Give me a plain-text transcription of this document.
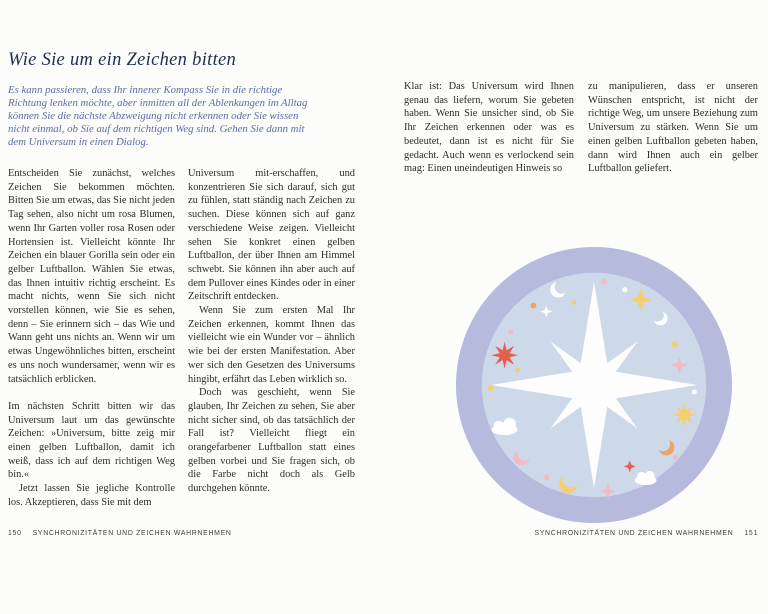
Wie Sie um ein Zeichen bitten

Es kann passieren, dass Ihr innerer Kompass Sie in die richtige Richtung lenken möchte, aber inmitten all der Ablenkungen im Alltag können Sie die nächste Abzweigung nicht erkennen oder Sie wissen nicht einmal, ob Sie auf dem richtigen Weg sind. Gehen Sie dann mit dem Universum in einen Dialog.

Entscheiden Sie zunächst, welches Zeichen Sie bekommen möchten. Bitten Sie um etwas, das Sie nicht jeden Tag sehen, also nicht um rosa Blumen, wenn Ihr Garten voller rosa Rosen oder Hortensien ist. Vielleicht könnte Ihr Zeichen ein blauer Gorilla sein oder ein gelber Luftballon. Wählen Sie etwas, das Ihnen intuitiv richtig erscheint. Es macht nichts, wenn Sie sich nicht vorstellen können, wie Sie es sehen, denn – Sie erinnern sich – das Wie und Wann geht uns nichts an. Wenn wir um etwas Ungewöhnliches bitten, erscheint es uns noch wundersamer, wenn wir es tatsächlich erblicken.

Im nächsten Schritt bitten wir das Universum laut um das gewünschte Zeichen: »Universum, bitte zeig mir einen gelben Luftballon, damit ich weiß, dass ich auf dem richtigen Weg bin.«

Jetzt lassen Sie jegliche Kontrolle los. Akzeptieren, dass Sie mit dem

Universum mit-erschaffen, und konzentrieren Sie sich darauf, sich gut zu fühlen, statt ständig nach Zeichen zu suchen. Diese können sich auf ganz verschiedene Weise zeigen. Vielleicht sehen Sie konkret einen gelben Luftballon, der über Ihnen am Himmel schwebt. Sie können ihn aber auch auf dem Pullover eines Kindes oder in einer Zeitschrift entdecken.

Wenn Sie zum ersten Mal Ihr Zeichen erkennen, kommt Ihnen das vielleicht wie ein Wunder vor – ähnlich wie bei der ersten Manifestation. Aber wer sich den Gesetzen des Universums hingibt, erfährt das Leben wirklich so.

Doch was geschieht, wenn Sie glauben, Ihr Zeichen zu sehen, Sie aber nicht sicher sind, ob das tatsächlich der Fall ist? Vielleicht fliegt ein orangefarbener Luftballon statt eines gelben vorbei und Sie fragen sich, ob die Farbe nicht doch als Gelb durchgehen könnte.

150 SYNCHRONIZITÄTEN UND ZEICHEN WAHRNEHMEN

Klar ist: Das Universum wird Ihnen genau das liefern, worum Sie gebeten haben. Wenn Sie unsicher sind, ob Sie Ihr Zeichen erkennen oder was es bedeutet, dann ist es nicht für Sie gedacht. Auch wenn es verlockend sein mag: Einen uneindeutigen Hinweis so

zu manipulieren, dass er unseren Wünschen entspricht, ist nicht der richtige Weg, um unsere Beziehung zum Universum zu stärken. Wenn Sie um einen gelben Luftballon gebeten haben, dann wird Ihnen auch ein gelber Luftballon geliefert.

SYNCHRONIZITÄTEN UND ZEICHEN WAHRNEHMEN 151
